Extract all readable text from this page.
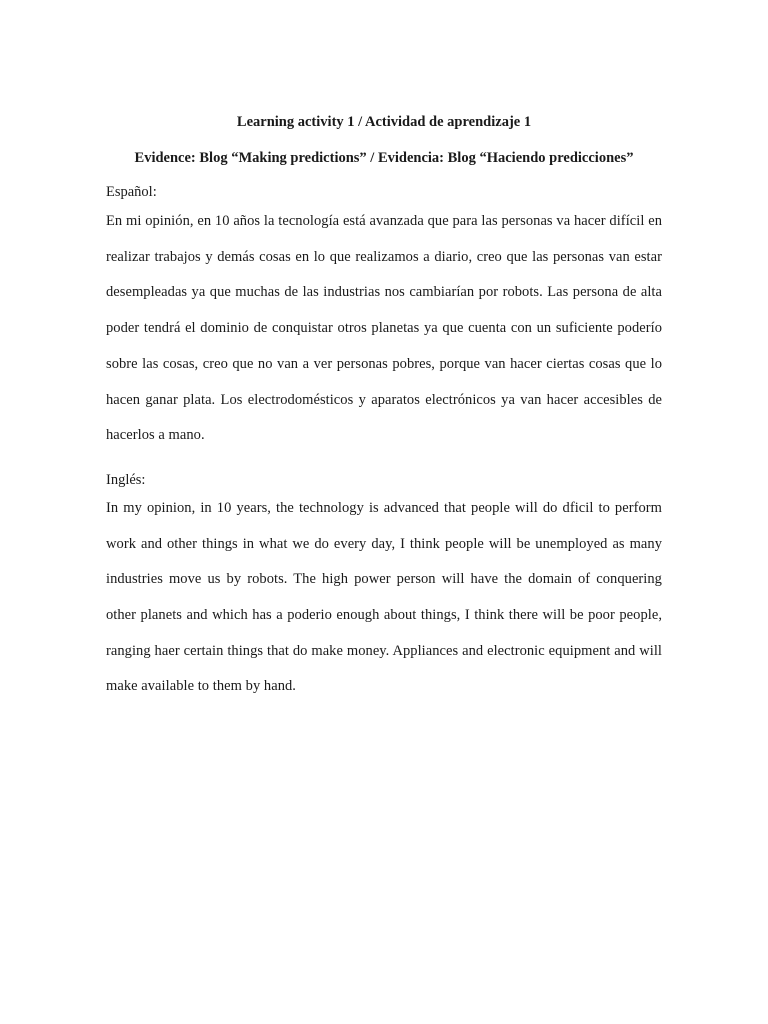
Learning activity 1 / Actividad de aprendizaje 1

Evidence: Blog “Making predictions” / Evidencia: Blog “Haciendo predicciones”

Español:

En mi opinión, en 10 años la tecnología está avanzada que para las personas va hacer difícil en realizar trabajos y demás cosas en lo que realizamos a diario, creo que las personas van estar desempleadas ya que muchas de las industrias nos cambiarían por robots. Las persona de alta poder tendrá el dominio de conquistar otros planetas ya que cuenta con un suficiente poderío sobre las cosas, creo que no van a ver personas pobres, porque van hacer ciertas cosas que lo hacen ganar plata. Los electrodomésticos y aparatos electrónicos ya van hacer accesibles de hacerlos a mano.

Inglés:

In my opinion, in 10 years, the technology is advanced that people will do dficil to perform work and other things in what we do every day, I think people will be unemployed as many industries move us by robots. The high power person will have the domain of conquering other planets and which has a poderio enough about things, I think there will be poor people, ranging haer certain things that do make money. Appliances and electronic equipment and will make available to them by hand.
